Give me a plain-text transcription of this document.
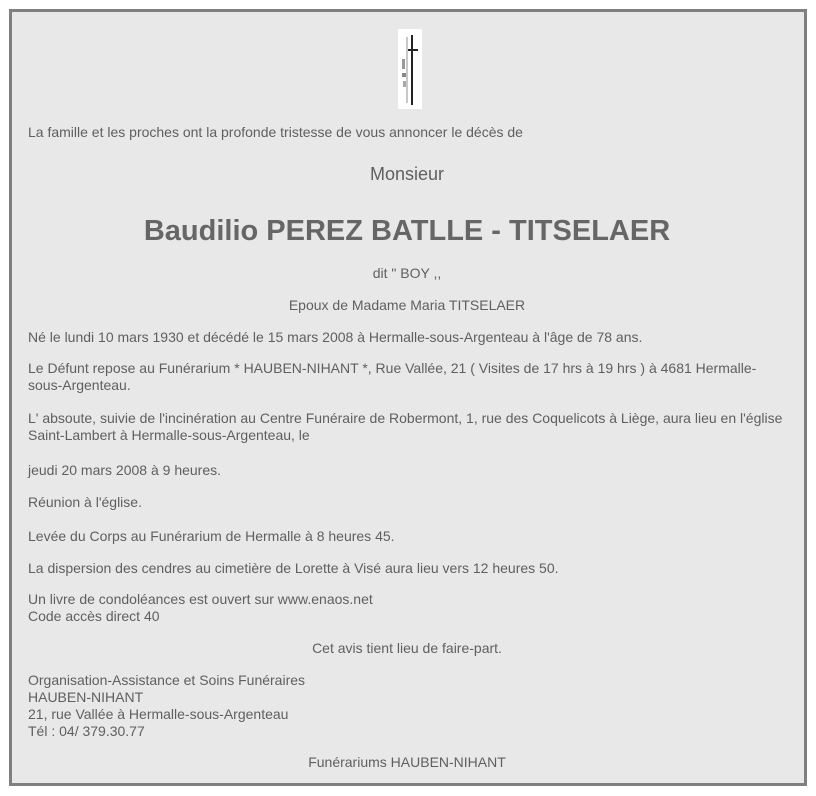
La famille et les proches ont la profonde tristesse de vous annoncer le décès de

Monsieur

Baudilio PEREZ BATLLE - TITSELAER

dit " BOY ,,

Epoux de Madame Maria TITSELAER

Né le lundi 10 mars 1930 et décédé le 15 mars 2008 à Hermalle-sous-Argenteau à l'âge de 78 ans.

Le Défunt repose au Funérarium * HAUBEN-NIHANT *, Rue Vallée, 21 ( Visites de 17 hrs à 19 hrs ) à 4681 Hermalle-sous-Argenteau.

L' absoute, suivie de l'incinération au Centre Funéraire de Robermont, 1, rue des Coquelicots à Liège, aura lieu en l'église Saint-Lambert à Hermalle-sous-Argenteau, le

jeudi 20 mars 2008 à 9 heures.

Réunion à l'église.

Levée du Corps au Funérarium de Hermalle à 8 heures 45.

La dispersion des cendres au cimetière de Lorette à Visé aura lieu vers 12 heures 50.

Un livre de condoléances est ouvert sur www.enaos.net

Code accès direct 40

Cet avis tient lieu de faire-part.

Organisation-Assistance et Soins Funéraires

HAUBEN-NIHANT

21, rue Vallée à Hermalle-sous-Argenteau

Tél : 04/ 379.30.77

Funérariums HAUBEN-NIHANT
